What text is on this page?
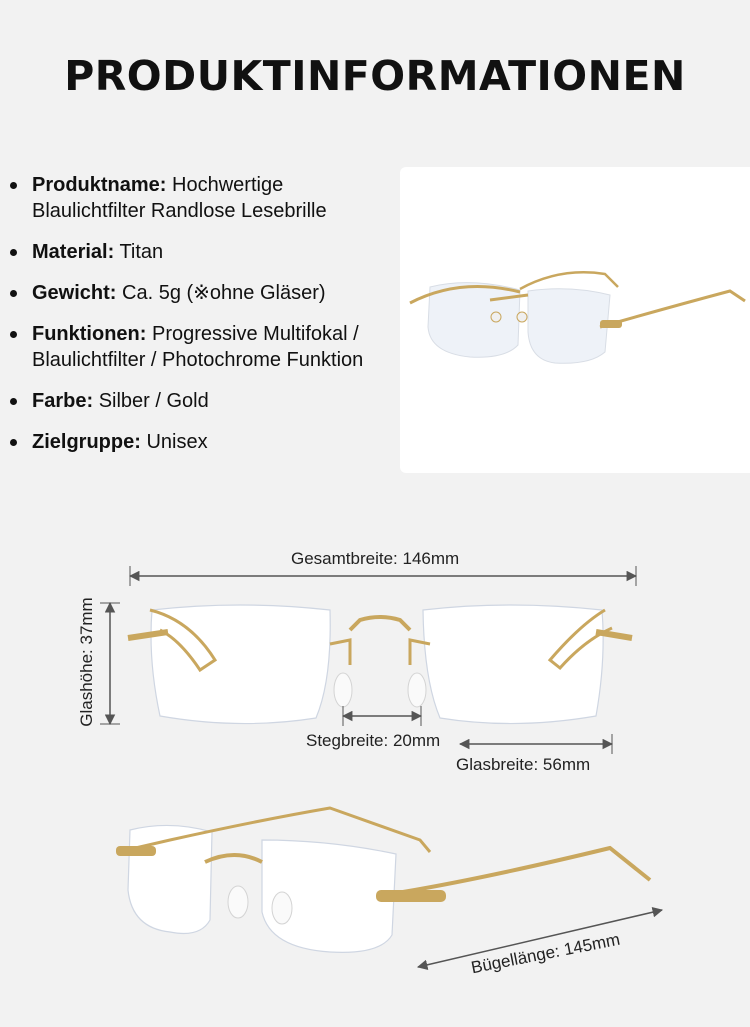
PRODUKTINFORMATIONEN
Produktname: Hochwertige Blaulichtfilter Randlose Lesebrille
Material: Titan
Gewicht: Ca. 5g (※ohne Gläser)
Funktionen: Progressive Multifokal / Blaulichtfilter / Photochrome Funktion
Farbe: Silber / Gold
Zielgruppe: Unisex
Gesamtbreite: 146mm
Glashöhe: 37mm
Stegbreite: 20mm
Glasbreite: 56mm
Bügellänge: 145mm
